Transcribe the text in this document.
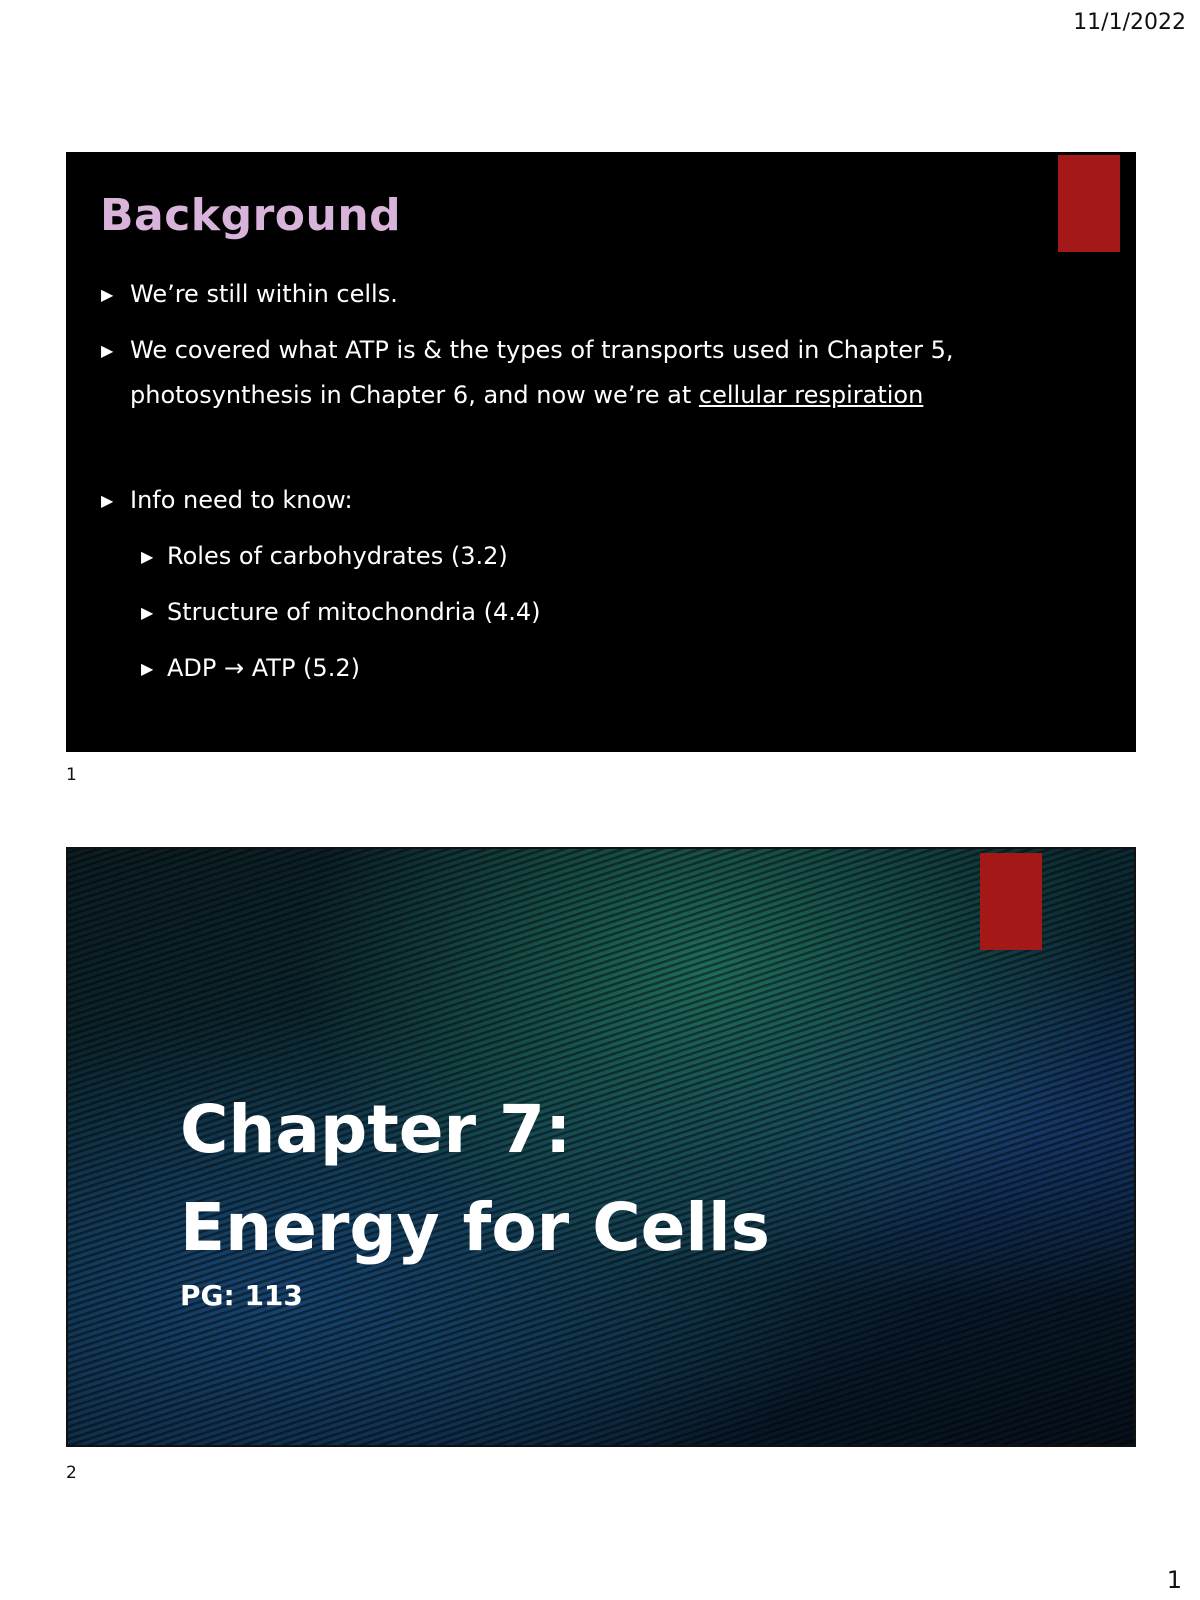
11/1/2022
Background
▶ We’re still within cells.
▶ We covered what ATP is & the types of transports used in Chapter 5,
photosynthesis in Chapter 6, and now we’re at cellular respiration
▶ Info need to know:
▶ Roles of carbohydrates (3.2)
▶ Structure of mitochondria (4.4)
▶ ADP → ATP (5.2)
1
Chapter 7:
Energy for Cells
PG: 113
2
1
